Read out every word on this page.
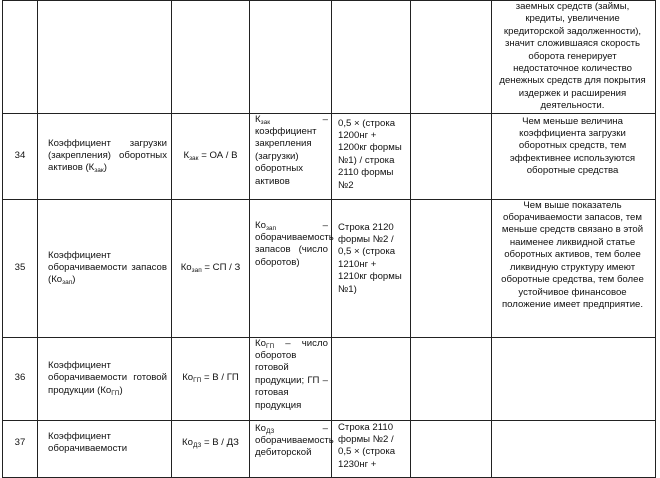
						заемных средств (займы, кредиты, увеличение кредиторской задолженности), значит сложившаяся скорость оборота генерирует недостаточное количество денежных средств для покрытия издержек и расширения деятельности.
34	Коэффициент загрузки (закрепления) оборотных активов $(К_{зак})$	$К_{зак}$ = ОА / В	$К_{зак}$ – коэффициент закрепления (загрузки) оборотных активов	0,5 × (строка 1200нг + 1200кг формы №1) / строка 2110 формы №2		Чем меньше величина коэффициента загрузки оборотных средств, тем эффективнее используются оборотные средства
35	Коэффициент оборачиваемости запасов $(Ко_{зап})$	$Ко_{зап}$ = СП / З	$Ко_{зап}$ – оборачиваемость запасов (число оборотов)	Строка 2120 формы №2 / 0,5 × (строка 1210нг + 1210кг формы №1)		Чем выше показатель оборачиваемости запасов, тем меньше средств связано в этой наименее ликвидной статье оборотных активов, тем более ликвидную структуру имеют оборотные средства, тем более устойчивое финансовое положение имеет предприятие.
36	Коэффициент оборачиваемости готовой продукции $(Ко_{ГП})$	$Ко_{ГП} = В$ / ГП	$Ко_{ГП}$ – число оборотов готовой продукции; ГП – готовая продукция			
37	Коэффициент оборачиваемости	$Ко_{ДЗ} = В$ / ДЗ	$Ко_{ДЗ}$ – оборачиваемость дебиторской	Строка 2110 формы №2 / 0,5 × (строка 1230нг +		
